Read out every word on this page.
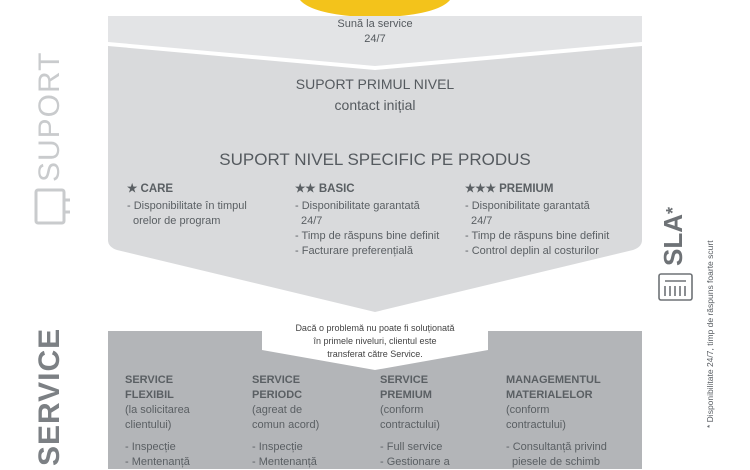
Sună la service
24/7
SUPORT PRIMUL NIVEL
contact inițial
SUPORT NIVEL SPECIFIC PE PRODUS
★ CARE
- Disponibilitate în timpul
orelor de program
★★ BASIC
- Disponibilitate garantată
24/7
- Timp de răspuns bine definit
- Facturare preferențială
★★★ PREMIUM
- Disponibilitate garantată
24/7
- Timp de răspuns bine definit
- Control deplin al costurilor
Dacă o problemă nu poate fi soluționată
în primele niveluri, clientul este
transferat către Service.
SERVICE
FLEXIBIL
(la solicitarea
clientului)
- Inspecție
- Mentenanță
SERVICE
PERIODC
(agreat de
comun acord)
- Inspecție
- Mentenanță
SERVICE
PREMIUM
(conform
contractului)
- Full service
- Gestionare a
MANAGEMENTUL
MATERIALELOR
(conform
contractului)
- Consultanță privind
piesele de schimb
SUPORT
SERVICE
SLA*
* Disponibilitate 24/7, timp de răspuns foarte scurt
